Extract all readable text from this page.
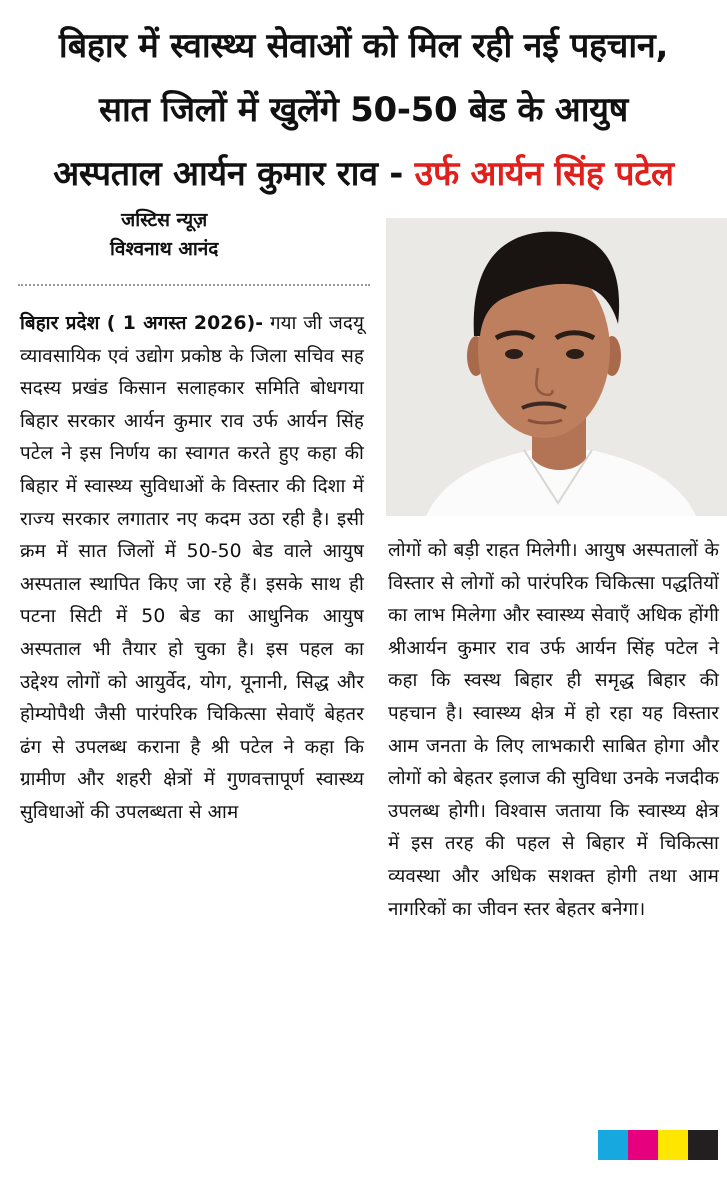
बिहार में स्वास्थ्य सेवाओं को मिल रही नई पहचान,
सात जिलों में खुलेंगे 50-50 बेड के आयुष
अस्पताल आर्यन कुमार राव - उर्फ आर्यन सिंह पटेल
जस्टिस न्यूज़
विश्वनाथ आनंद
बिहार प्रदेश ( 1 अगस्त 2026)- गया जी जदयू व्यावसायिक एवं उद्योग प्रकोष्ठ के जिला सचिव सह सदस्य प्रखंड किसान सलाहकार समिति बोधगया बिहार सरकार आर्यन कुमार राव उर्फ आर्यन सिंह पटेल ने इस निर्णय का स्वागत करते हुए कहा की बिहार में स्वास्थ्य सुविधाओं के विस्तार की दिशा में राज्य सरकार लगातार नए कदम उठा रही है। इसी क्रम में सात जिलों में 50-50 बेड वाले आयुष अस्पताल स्थापित किए जा रहे हैं। इसके साथ ही पटना सिटी में 50 बेड का आधुनिक आयुष अस्पताल भी तैयार हो चुका है। इस पहल का उद्देश्य लोगों को आयुर्वेद, योग, यूनानी, सिद्ध और होम्योपैथी जैसी पारंपरिक चिकित्सा सेवाएँ बेहतर ढंग से उपलब्ध कराना है श्री पटेल ने कहा कि ग्रामीण और शहरी क्षेत्रों में गुणवत्तापूर्ण स्वास्थ्य सुविधाओं की उपलब्धता से आम
लोगों को बड़ी राहत मिलेगी। आयुष अस्पतालों के विस्तार से लोगों को पारंपरिक चिकित्सा पद्धतियों का लाभ मिलेगा और स्वास्थ्य सेवाएँ अधिक होंगी श्रीआर्यन कुमार राव उर्फ आर्यन सिंह पटेल ने कहा कि स्वस्थ बिहार ही समृद्ध बिहार की पहचान है। स्वास्थ्य क्षेत्र में हो रहा यह विस्तार आम जनता के लिए लाभकारी साबित होगा और लोगों को बेहतर इलाज की सुविधा उनके नजदीक उपलब्ध होगी। विश्वास जताया कि स्वास्थ्य क्षेत्र में इस तरह की पहल से बिहार में चिकित्सा व्यवस्था और अधिक सशक्त होगी तथा आम नागरिकों का जीवन स्तर बेहतर बनेगा।
